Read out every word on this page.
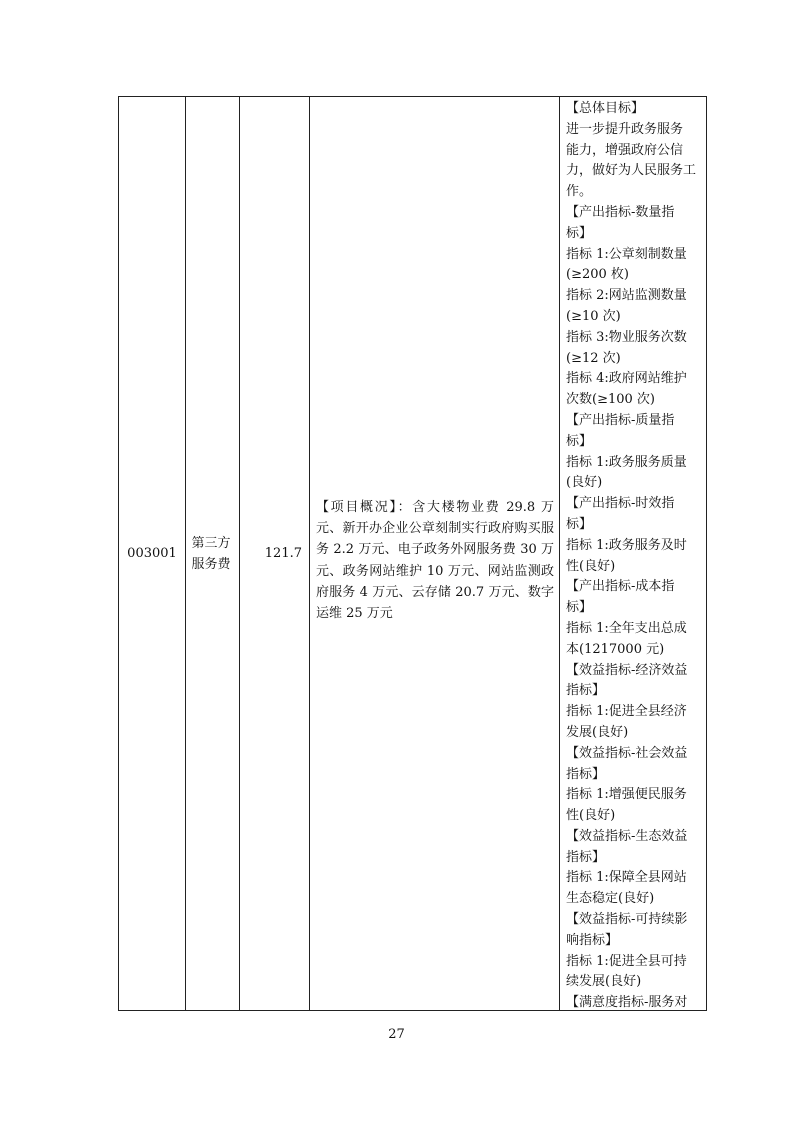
003001
第三方服务费
121.7
【项目概况】：含大楼物业费 29.8 万元、新开办企业公章刻制实行政府购买服务 2.2 万元、电子政务外网服务费 30 万元、政务网站维护 10 万元、网站监测政府服务 4 万元、云存储 20.7 万元、数字运维 25 万元
【总体目标】
进一步提升政务服务
能力，增强政府公信
力，做好为人民服务工
作。
【产出指标-数量指
标】
指标 1:公章刻制数量
(≥200 枚)
指标 2:网站监测数量
(≥10 次)
指标 3:物业服务次数
(≥12 次)
指标 4:政府网站维护
次数(≥100 次)
【产出指标-质量指
标】
指标 1:政务服务质量
(良好)
【产出指标-时效指
标】
指标 1:政务服务及时
性(良好)
【产出指标-成本指
标】
指标 1:全年支出总成
本(1217000 元)
【效益指标-经济效益
指标】
指标 1:促进全县经济
发展(良好)
【效益指标-社会效益
指标】
指标 1:增强便民服务
性(良好)
【效益指标-生态效益
指标】
指标 1:保障全县网站
生态稳定(良好)
【效益指标-可持续影
响指标】
指标 1:促进全县可持
续发展(良好)
【满意度指标-服务对
27
